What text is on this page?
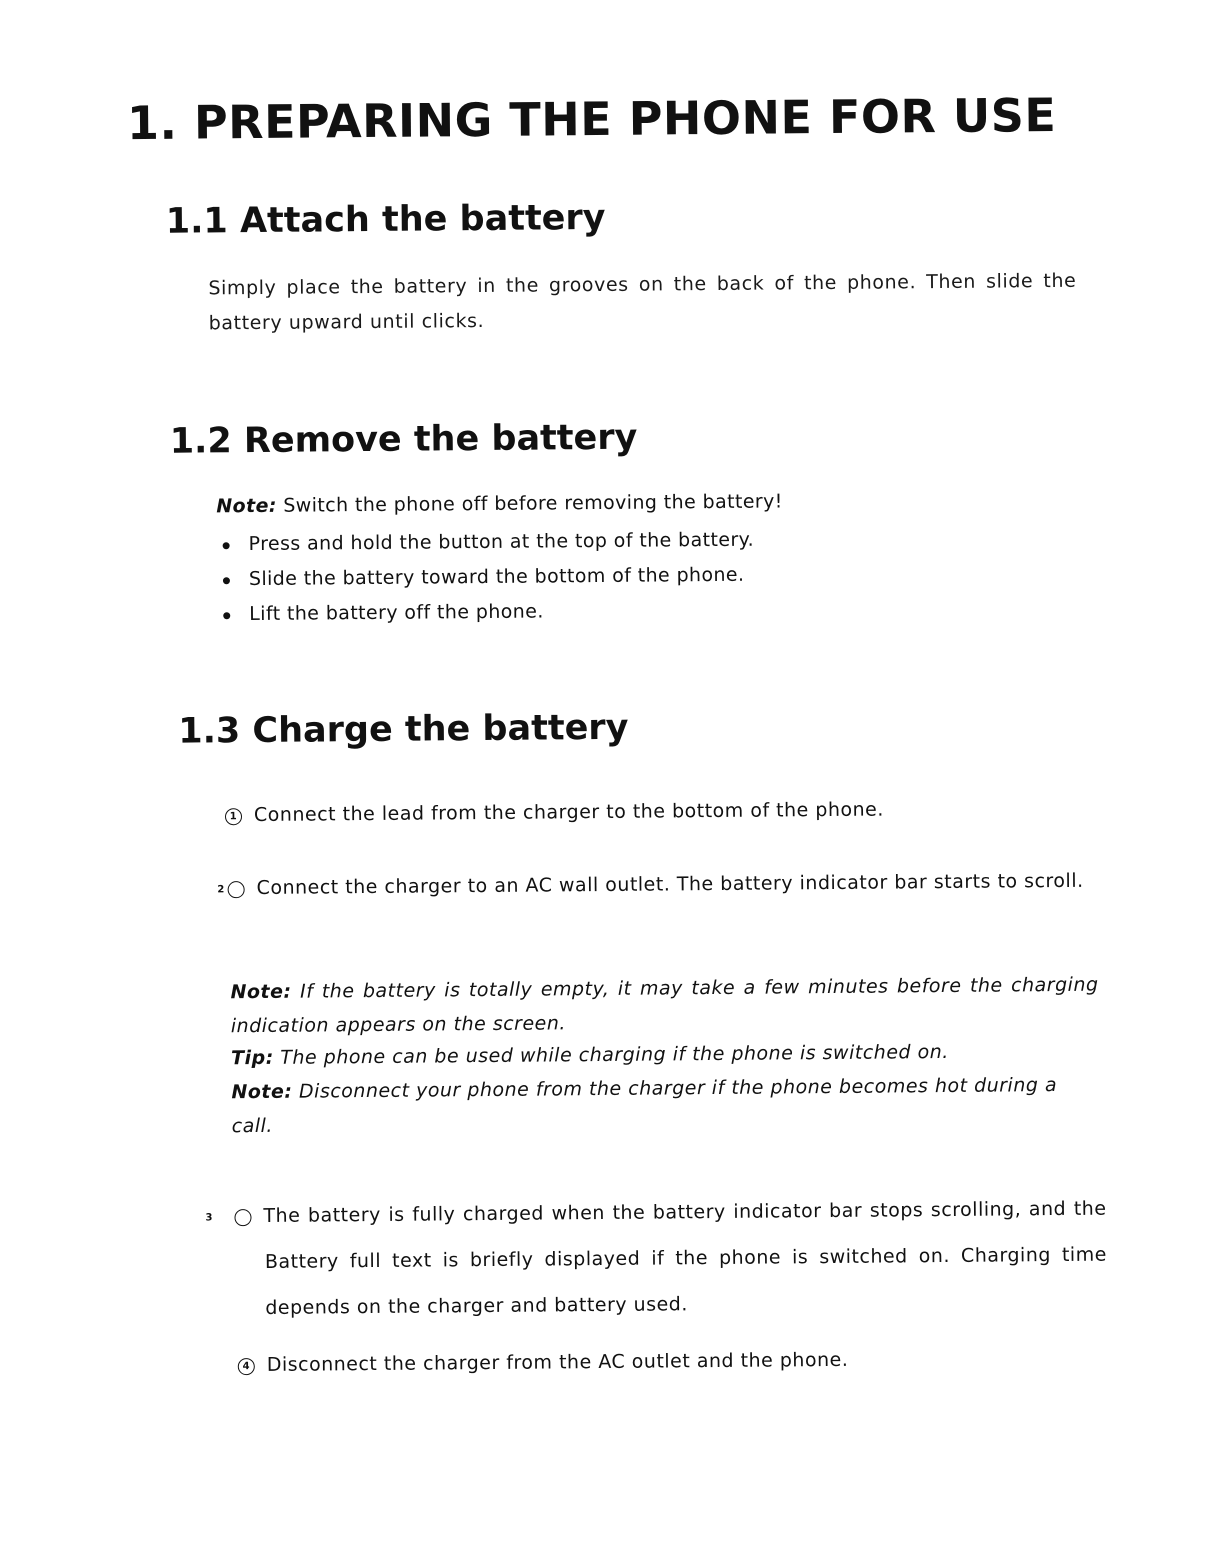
1. PREPARING THE PHONE FOR USE
1.1 Attach the battery
Simply place the battery in the grooves on the back of the phone. Then slide the battery upward until clicks.
1.2 Remove the battery
Note: Switch the phone off before removing the battery!
Press and hold the button at the top of the battery.
Slide the battery toward the bottom of the phone.
Lift the battery off the phone.
1.3 Charge the battery
1 Connect the lead from the charger to the bottom of the phone.
2 Connect the charger to an AC wall outlet. The battery indicator bar starts to scroll.
Note: If the battery is totally empty, it may take a few minutes before the charging indication appears on the screen.
Tip: The phone can be used while charging if the phone is switched on.
Note: Disconnect your phone from the charger if the phone becomes hot during a call.
3	The battery is fully charged when the battery indicator bar stops scrolling, and the Battery full text is briefly displayed if the phone is switched on. Charging time depends on the charger and battery used.
4 Disconnect the charger from the AC outlet and the phone.
